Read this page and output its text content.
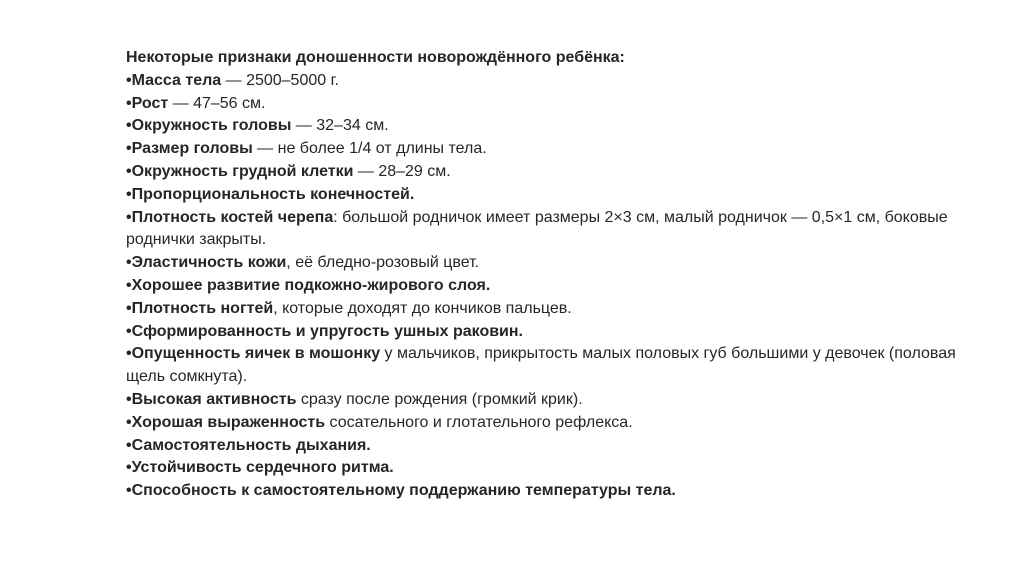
Некоторые признаки доношенности новорождённого ребёнка:
•Масса тела — 2500–5000 г.
•Рост — 47–56 см.
•Окружность головы — 32–34 см.
•Размер головы — не более 1/4 от длины тела.
•Окружность грудной клетки — 28–29 см.
•Пропорциональность конечностей.
•Плотность костей черепа: большой родничок имеет размеры 2×3 см, малый родничок — 0,5×1 см, боковые роднички закрыты.
•Эластичность кожи, её бледно-розовый цвет.
•Хорошее развитие подкожно-жирового слоя.
•Плотность ногтей, которые доходят до кончиков пальцев.
•Сформированность и упругость ушных раковин.
•Опущенность яичек в мошонку у мальчиков, прикрытость малых половых губ большими у девочек (половая щель сомкнута).
•Высокая активность сразу после рождения (громкий крик).
•Хорошая выраженность сосательного и глотательного рефлекса.
•Самостоятельность дыхания.
•Устойчивость сердечного ритма.
•Способность к самостоятельному поддержанию температуры тела.
